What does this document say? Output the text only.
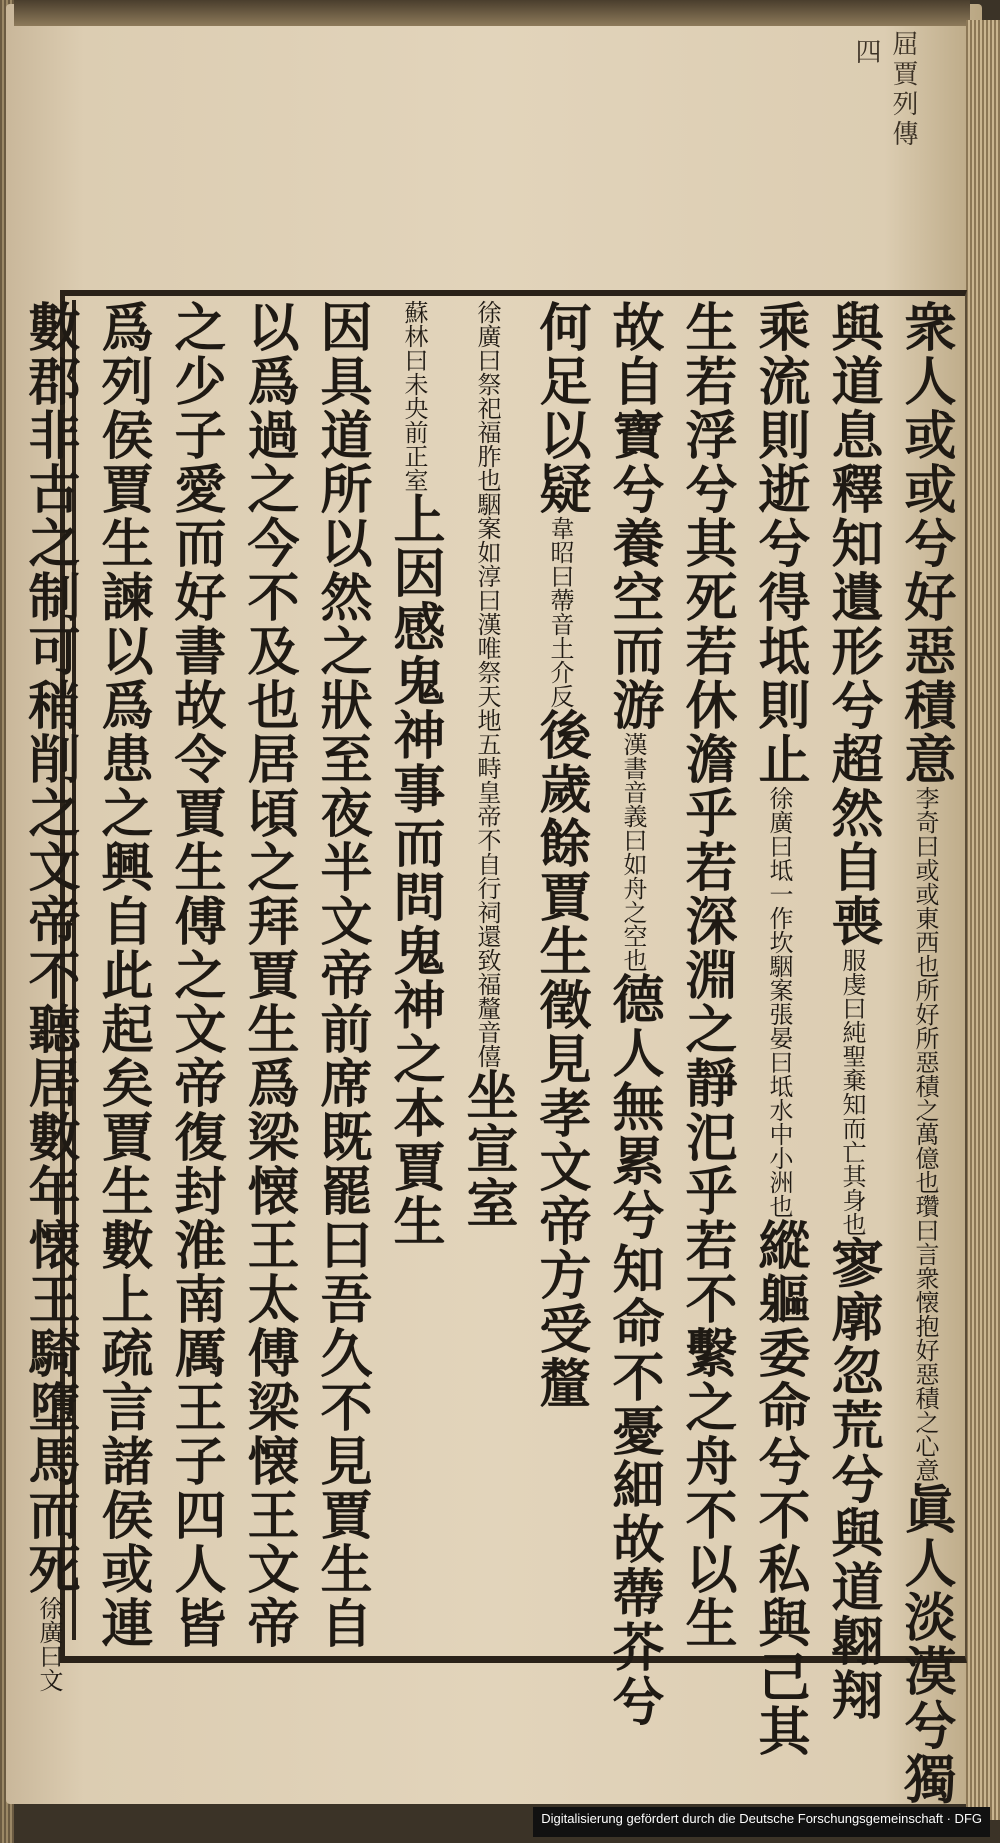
屈賈列傳
四
衆人或或兮好惡積意李奇曰或或東西也所好所惡積之萬億也瓚曰言衆懐抱好惡積之心意眞人淡漠兮獨
與道息釋知遺形兮超然自喪服虔曰純聖棄知而亡其身也寥廓忽荒兮與道翺翔
乘流則逝兮得坻則止徐廣曰坻一作坎駰案張晏曰坻水中小洲也縱軀委命兮不私與己其
生若浮兮其死若休澹乎若深淵之靜汜乎若不繫之舟不以生
故自寶兮養空而游漢書音義曰如舟之空也德人無累兮知命不憂細故蔕芥兮
何足以疑韋昭曰蔕音土介反後歲餘賈生徵見孝文帝方受釐
徐廣曰祭祀福胙也駰案如淳曰漢唯祭天地五畤皇帝不自行祠還致福釐音僖坐宣室
蘇林曰未央前正室上因感鬼神事而問鬼神之本賈生
因具道所以然之狀至夜半文帝前席既罷曰吾久不見賈生自
以爲過之今不及也居頃之拜賈生爲梁懐王太傅梁懐王文帝
之少子愛而好書故令賈生傅之文帝復封淮南厲王子四人皆
爲列侯賈生諫以爲患之興自此起矣賈生數上疏言諸侯或連
數郡非古之制可稍削之文帝不聽居數年懐王騎墮馬而死徐廣曰文
Digitalisierung gefördert durch die Deutsche Forschungsgemeinschaft · DFG
